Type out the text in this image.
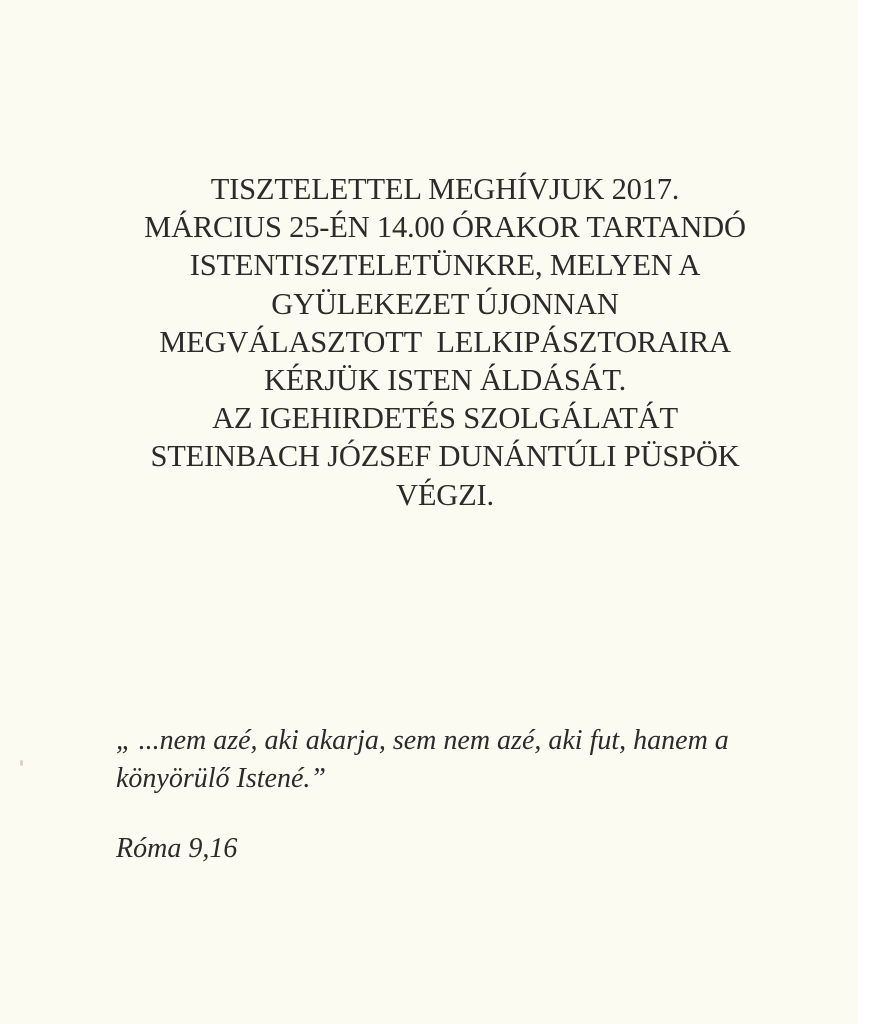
TISZTELETTEL MEGHÍVJUK 2017.
MÁRCIUS 25-ÉN 14.00 ÓRAKOR TARTANDÓ
ISTENTISZTELETÜNKRE, MELYEN A
GYÜLEKEZET ÚJONNAN
MEGVÁLASZTOTT  LELKIPÁSZTORAIRA
KÉRJÜK ISTEN ÁLDÁSÁT.
AZ IGEHIRDETÉS SZOLGÁLATÁT
STEINBACH JÓZSEF DUNÁNTÚLI PÜSPÖK
VÉGZI.
„ ...nem azé, aki akarja, sem nem azé, aki fut, hanem a
könyörülő Istené.”
Róma 9,16
